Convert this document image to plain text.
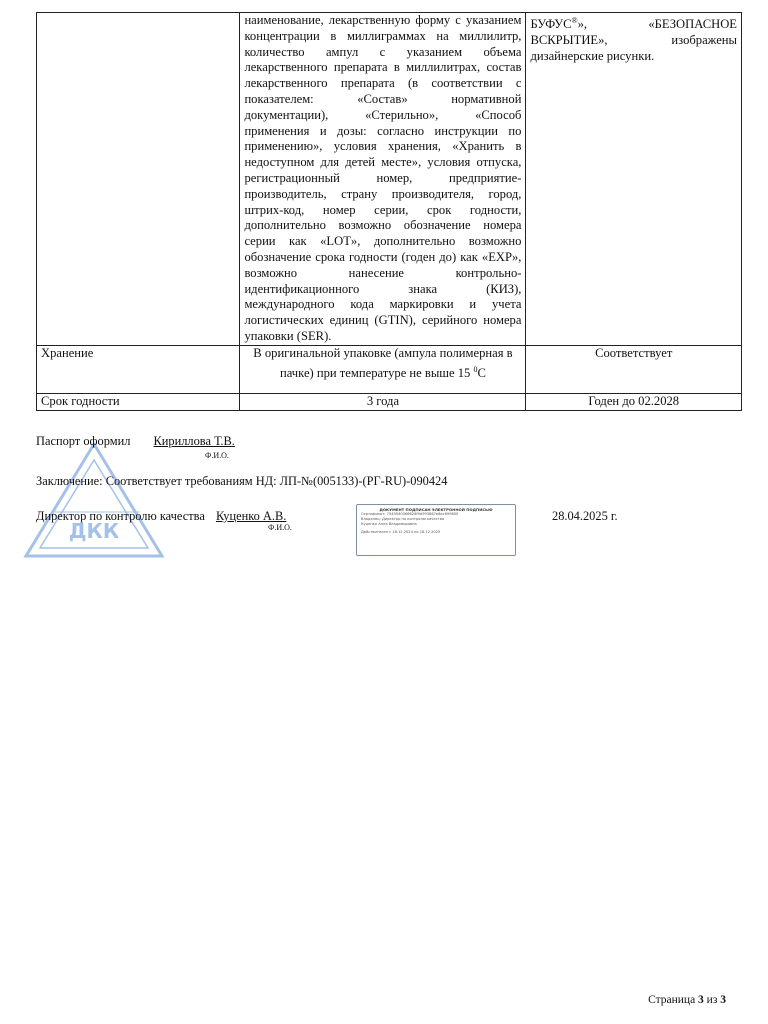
	наименование, лекарственную форму с указанием концентрации в миллиграммах на миллилитр, количество ампул с указанием объема лекарственного препарата в миллилитрах, состав лекарственного препарата (в соответствии с показателем: «Состав» нормативной документации), «Стерильно», «Способ применения и дозы: согласно инструкции по применению», условия хранения, «Хранить в недоступном для детей месте», условия отпуска, регистрационный номер, предприятие-производитель, страну производителя, город, штрих-код, номер серии, срок годности, дополнительно возможно обозначение номера серии как «LOT», дополнительно возможно обозначение срока годности (годен до) как «EXP», возможно нанесение контрольно-идентификационного знака (КИЗ), международного кода маркировки и учета логистических единиц (GTIN), серийного номера упаковки (SER).	БУФУС®», «БЕЗОПАСНОЕ ВСКРЫТИЕ», изображены дизайнерские рисунки.
Хранение	В оригинальной упаковке (ампула полимерная в пачке) при температуре не выше 15 $^0$С	Соответствует
Срок годности	3 года	Годен до 02.2028
ДКК
Паспорт оформил Кириллова Т.В.
Ф.И.О.
Заключение: Соответствует требованиям НД: ЛП-№(005133)-(РГ-RU)-090424
Директор по контролю качества Куценко А.В.
Ф.И.О.
28.04.2025 г.
ДОКУМЕНТ ПОДПИСАН ЭЛЕКТРОННОЙ ПОДПИСЬЮ
Сертификат: 7549540066626f9d993867e8ec699600
Владелец: Директор по контролю качества
Куценко Анна Владимировна
Действителен с 18.12.2024 по 18.12.2025
Страница 3 из 3
